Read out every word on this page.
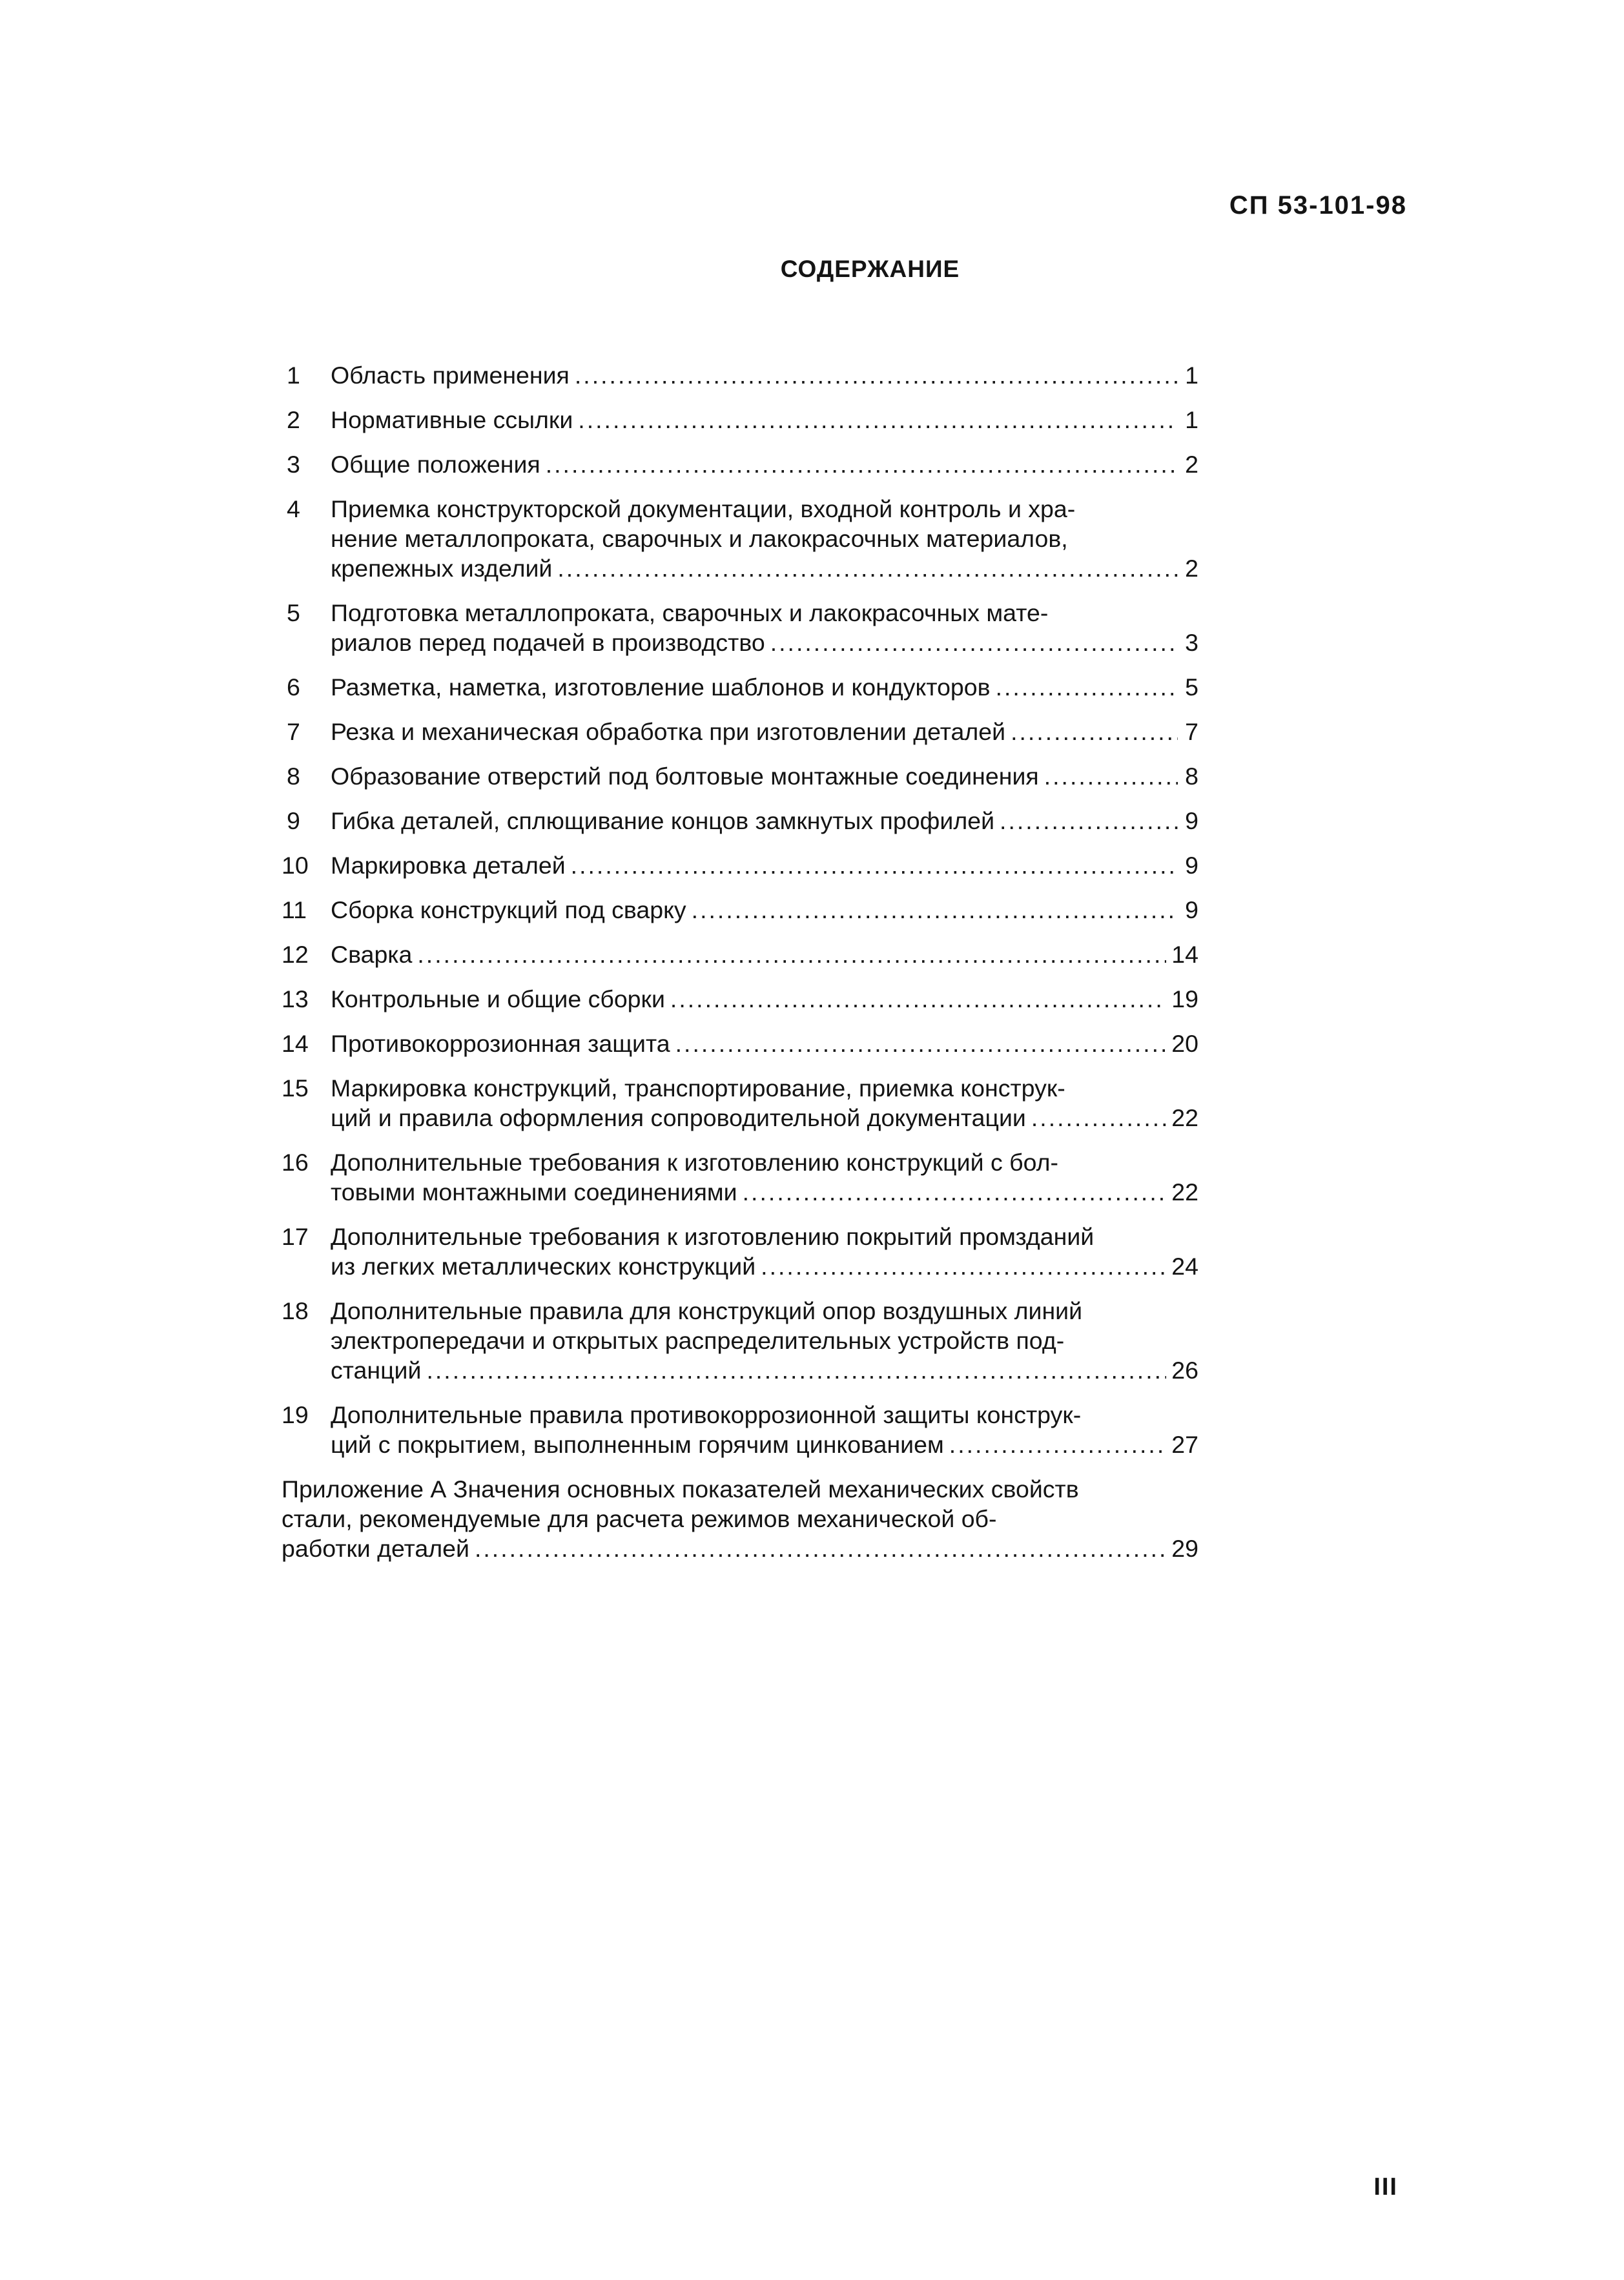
СП 53-101-98
СОДЕРЖАНИЕ
1	Область применения .....	1
2	Нормативные ссылки .....	1
3	Общие положения .....	2
4	Приемка конструкторской документации, входной контроль и хра-
нение металлопроката, сварочных и лакокрасочных материалов,
крепежных изделий .....	2
5	Подготовка металлопроката, сварочных и лакокрасочных мате-
риалов перед подачей в производство .....	3
6	Разметка, наметка, изготовление шаблонов и кондукторов .....	5
7	Резка и механическая обработка при изготовлении деталей .....	7
8	Образование отверстий под болтовые монтажные соединения .....	8
9	Гибка деталей, сплющивание концов замкнутых профилей .....	9
10 Маркировка деталей .....	9
11 Сборка конструкций под сварку .....	9
12 Сварка .....	14
13 Контрольные и общие сборки .....	19
14 Противокоррозионная защита .....	20
15 Маркировка конструкций, транспортирование, приемка конструк-
ций и правила оформления сопроводительной документации .....	22
16 Дополнительные требования к изготовлению конструкций с бол-
товыми монтажными соединениями .....	22
17 Дополнительные требования к изготовлению покрытий промзданий
из легких металлических конструкций .....	24
18 Дополнительные правила для конструкций опор воздушных линий
электропередачи и открытых распределительных устройств под-
станций .....	26
19 Дополнительные правила противокоррозионной защиты конструк-
ций с покрытием, выполненным горячим цинкованием .....	27
Приложение А Значения основных показателей механических свойств
стали, рекомендуемые для расчета режимов механической об-
работки деталей .....	29
III
